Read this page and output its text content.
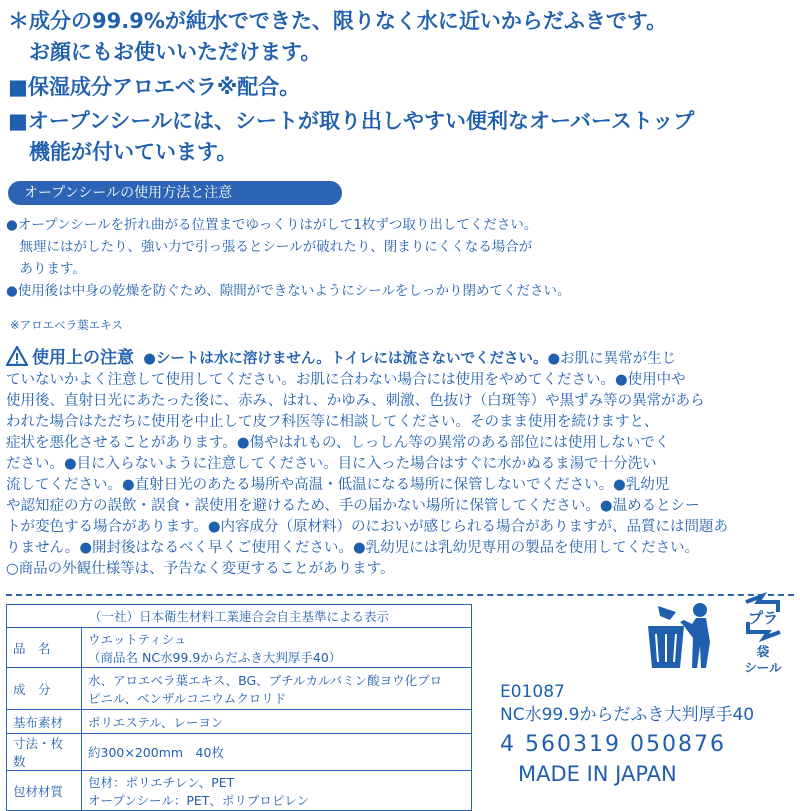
＊成分の99.9%が純水でできた、限りなく水に近いからだふきです。
　お顔にもお使いいただけます。
■保湿成分アロエベラ※配合。
■オープンシールには、シートが取り出しやすい便利なオーバーストップ
　機能が付いています。
オープンシールの使用方法と注意

●オープンシールを折れ曲がる位置までゆっくりはがして1枚ずつ取り出してください。

　無理にはがしたり、強い力で引っ張るとシールが破れたり、閉まりにくくなる場合が

　あります。

●使用後は中身の乾燥を防ぐため、隙間ができないようにシールをしっかり閉めてください。

※アロエベラ葉エキス

使用上の注意 ●シートは水に溶けません。トイレには流さないでください。●お肌に異常が生じ

ていないかよく注意して使用してください。お肌に合わない場合には使用をやめてください。●使用中や

使用後、直射日光にあたった後に、赤み、はれ、かゆみ、刺激、色抜け（白斑等）や黒ずみ等の異常があら

われた場合はただちに使用を中止して皮フ科医等に相談してください。そのまま使用を続けますと、

症状を悪化させることがあります。●傷やはれもの、しっしん等の異常のある部位には使用しないでく

ださい。●目に入らないように注意してください。目に入った場合はすぐに水かぬるま湯で十分洗い

流してください。●直射日光のあたる場所や高温・低温になる場所に保管しないでください。●乳幼児

や認知症の方の誤飲・誤食・誤使用を避けるため、手の届かない場所に保管してください。●温めるとシー

トが変色する場合があります。●内容成分（原材料）のにおいが感じられる場合がありますが、品質には問題あ

りません。●開封後はなるべく早くご使用ください。●乳幼児には乳幼児専用の製品を使用してください。

○商品の外観仕様等は、予告なく変更することがあります。

（一社）日本衛生材料工業連合会自主基準による表示	
品　名	ウエットティシュ
（商品名 NC水99.9からだふき大判厚手40）

成　分	水、アロエベラ葉エキス、BG、ブチルカルバミン酸ヨウ化プロ
ピニル、ベンザルコニウムクロリド

基布素材	ポリエステル、レーヨン
寸法・枚数	約300×200mm　40枚
包材材質	包材：ポリエチレン、PET
オープンシール：PET、ポリプロピレン
プラ
袋
シール
E01087
NC水99.9からだふき大判厚手40
4 560319 050876
MADE IN JAPAN
